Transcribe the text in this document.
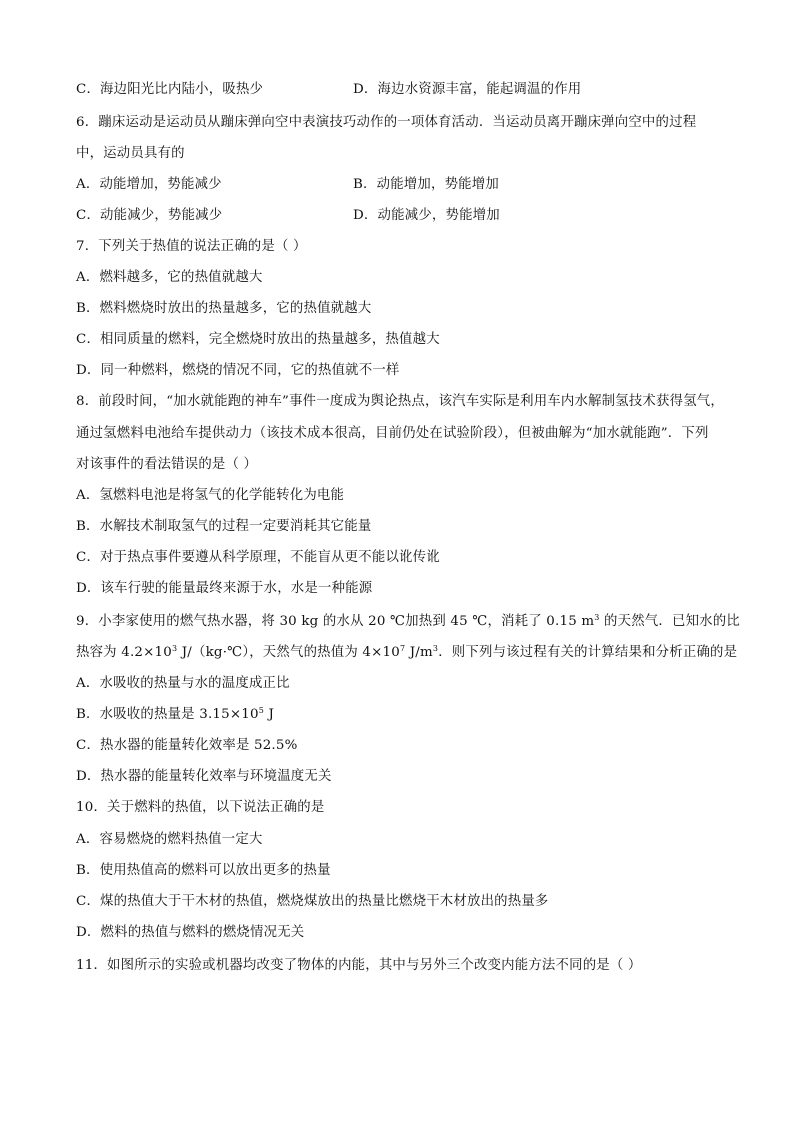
C．海边阳光比内陆小，吸热少	D．海边水资源丰富，能起调温的作用
6．蹦床运动是运动员从蹦床弹向空中表演技巧动作的一项体育活动．当运动员离开蹦床弹向空中的过程
中，运动员具有的
A．动能增加，势能减少	B．动能增加，势能增加
C．动能减少，势能减少	D．动能减少，势能增加
7．下列关于热值的说法正确的是（ ）
A．燃料越多，它的热值就越大
B．燃料燃烧时放出的热量越多，它的热值就越大
C．相同质量的燃料，完全燃烧时放出的热量越多，热值越大
D．同一种燃料，燃烧的情况不同，它的热值就不一样
8．前段时间，“加水就能跑的神车”事件一度成为舆论热点，该汽车实际是利用车内水解制氢技术获得氢气，
通过氢燃料电池给车提供动力（该技术成本很高，目前仍处在试验阶段），但被曲解为“加水就能跑”．下列
对该事件的看法错误的是（ ）
A．氢燃料电池是将氢气的化学能转化为电能
B．水解技术制取氢气的过程一定要消耗其它能量
C．对于热点事件要遵从科学原理，不能盲从更不能以讹传讹
D．该车行驶的能量最终来源于水，水是一种能源
9．小李家使用的燃气热水器，将 30 kg 的水从 20 ℃加热到 45 ℃，消耗了 0.15 $m^3$ 的天然气．已知水的比
热容为 $4.2\times 10^3$ J/（kg·℃），天然气的热值为 $4\times 10^7$ $J/m^3$．则下列与该过程有关的计算结果和分析正确的是
A．水吸收的热量与水的温度成正比
B．水吸收的热量是 $3.15\times 10^5$ J
C．热水器的能量转化效率是 52.5%
D．热水器的能量转化效率与环境温度无关
10．关于燃料的热值，以下说法正确的是
A．容易燃烧的燃料热值一定大
B．使用热值高的燃料可以放出更多的热量
C．煤的热值大于干木材的热值，燃烧煤放出的热量比燃烧干木材放出的热量多
D．燃料的热值与燃料的燃烧情况无关
11．如图所示的实验或机器均改变了物体的内能，其中与另外三个改变内能方法不同的是（ ）
